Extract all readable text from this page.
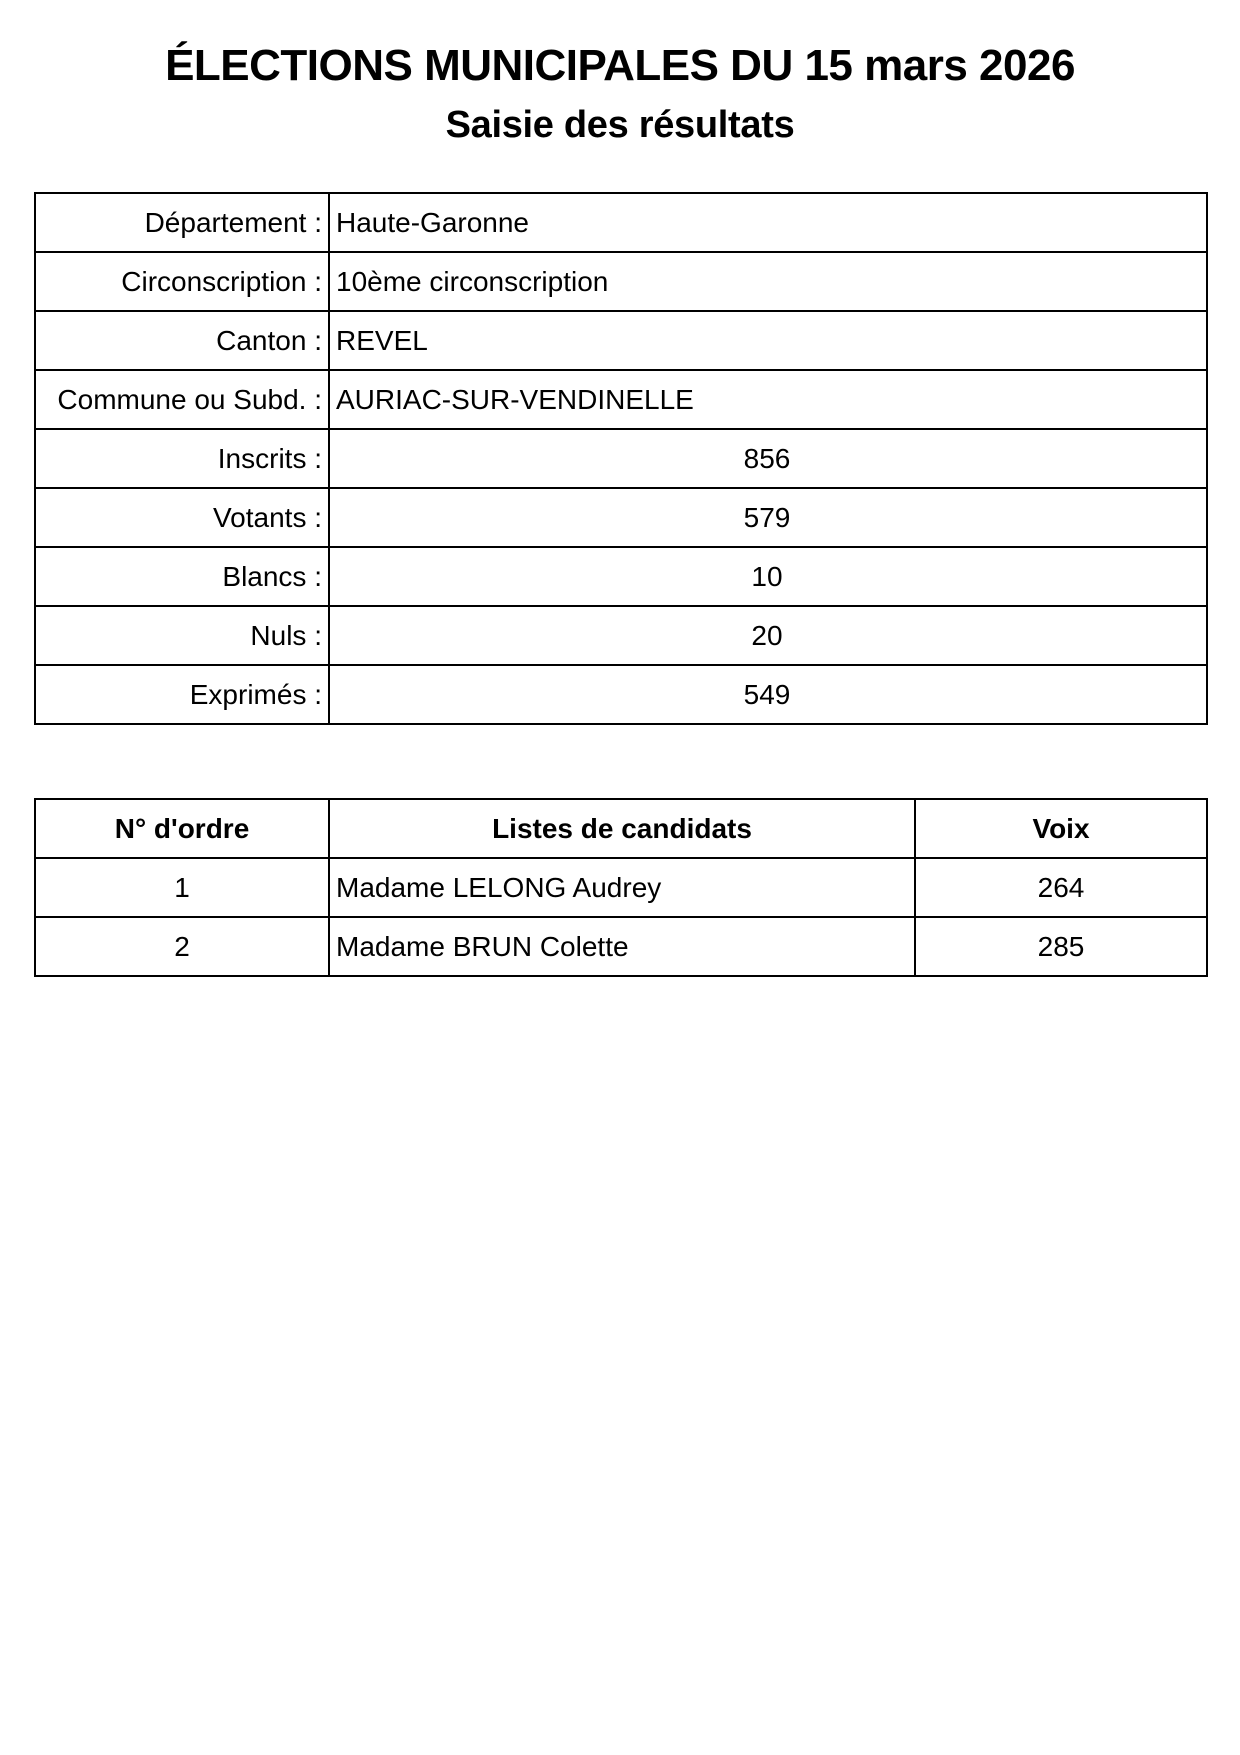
ÉLECTIONS MUNICIPALES DU 15 mars 2026
Saisie des résultats
Département :	Haute-Garonne
Circonscription :	10ème circonscription
Canton :	REVEL
Commune ou Subd. :	AURIAC-SUR-VENDINELLE
Inscrits :	856
Votants :	579
Blancs :	10
Nuls :	20
Exprimés :	549
N° d'ordre	Listes de candidats	Voix
1	Madame LELONG Audrey	264
2	Madame BRUN Colette	285
